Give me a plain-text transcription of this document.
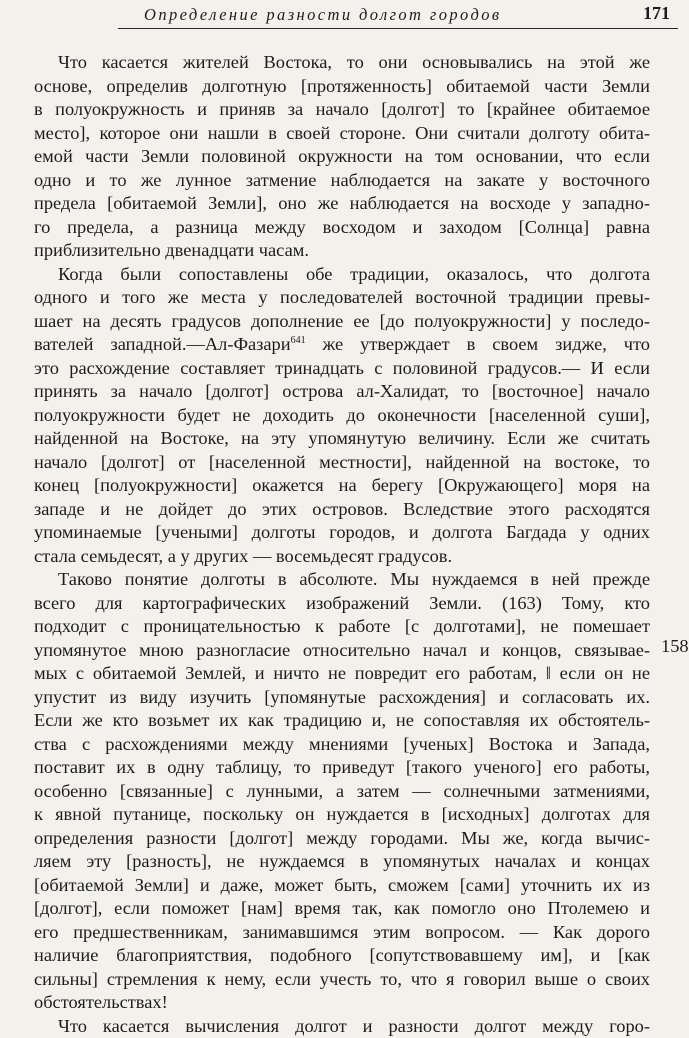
Определение разности долгот городов	171
Что касается жителей Востока, то они основывались на этой же
основе, определив долготную [протяженность] обитаемой части Земли
в полуокружность и приняв за начало [долгот] то [крайнее обитаемое
место], которое они нашли в своей стороне. Они считали долготу обита-
емой части Земли половиной окружности на том основании, что если
одно и то же лунное затмение наблюдается на закате у восточного
предела [обитаемой Земли], оно же наблюдается на восходе у западно-
го предела, а разница между восходом и заходом [Солнца] равна
приблизительно двенадцати часам.
Когда были сопоставлены обе традиции, оказалось, что долгота
одного и того же места у последователей восточной традиции превы-
шает на десять градусов дополнение ее [до полуокружности] у последо-
вателей западной.—Ал-Фазари$^{641}$ же утверждает в своем зидже, что
это расхождение составляет тринадцать с половиной градусов.— И если
принять за начало [долгот] острова ал-Халидат, то [восточное] начало
полуокружности будет не доходить до оконечности [населенной суши],
найденной на Востоке, на эту упомянутую величину. Если же считать
начало [долгот] от [населенной местности], найденной на востоке, то
конец [полуокружности] окажется на берегу [Окружающего] моря на
западе и не дойдет до этих островов. Вследствие этого расходятся
упоминаемые [учеными] долготы городов, и долгота Багдада у одних
стала семьдесят, а у других — восемьдесят градусов.
Таково понятие долготы в абсолюте. Мы нуждаемся в ней прежде
всего для картографических изображений Земли. (163) Тому, кто
подходит с проницательностью к работе [с долготами], не помешает
упомянутое мною разногласие относительно начал и концов, связывае-
мых с обитаемой Землей, и ничто не повредит его работам, ‖ если он не
упустит из виду изучить [упомянутые расхождения] и согласовать их.
Если же кто возьмет их как традицию и, не сопоставляя их обстоятель-
ства с расхождениями между мнениями [ученых] Востока и Запада,
поставит их в одну таблицу, то приведут [такого ученого] его работы,
особенно [связанные] с лунными, а затем — солнечными затмениями,
к явной путанице, поскольку он нуждается в [исходных] долготах для
определения разности [долгот] между городами. Мы же, когда вычис-
ляем эту [разность], не нуждаемся в упомянутых началах и концах
[обитаемой Земли] и даже, может быть, сможем [сами] уточнить их из
[долгот], если поможет [нам] время так, как помогло оно Птолемею и
его предшественникам, занимавшимся этим вопросом. — Как дорого
наличие благоприятствия, подобного [сопутствовавшему им], и [как
сильны] стремления к нему, если учесть то, что я говорил выше о своих
обстоятельствах!
Что касается вычисления долгот и разности долгот между горо-
158
